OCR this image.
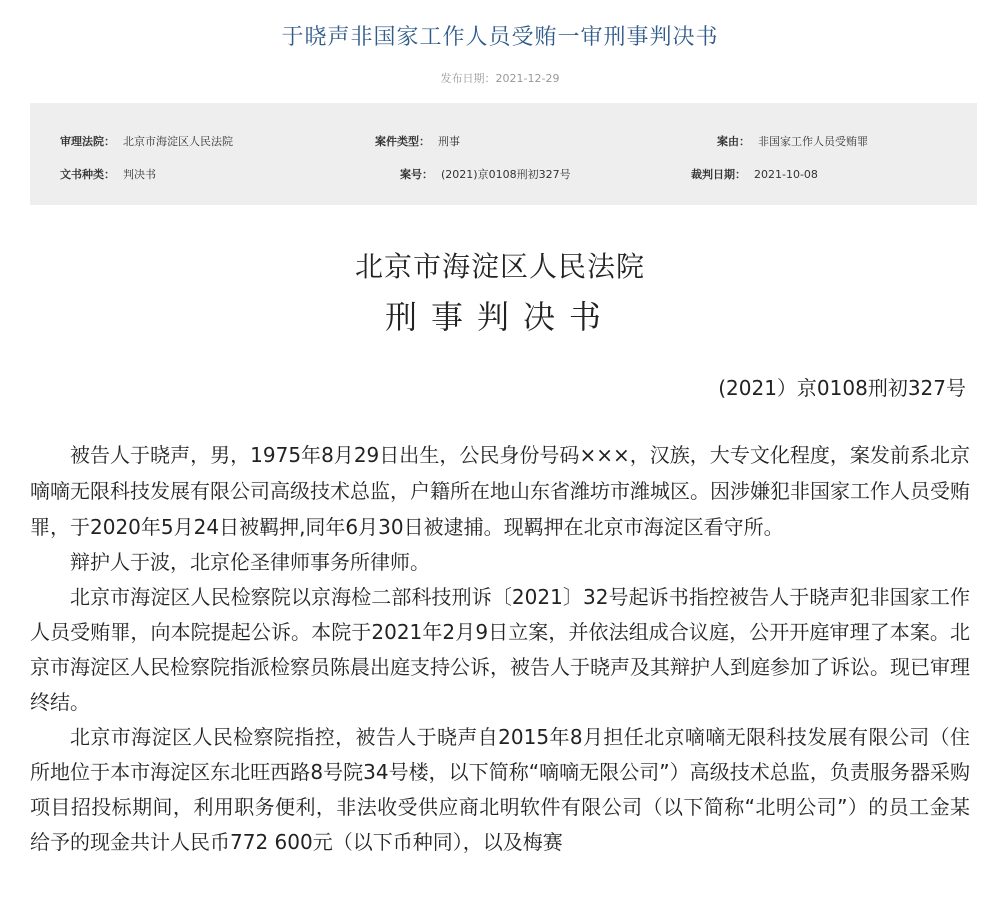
于晓声非国家工作人员受贿一审刑事判决书
发布日期：2021-12-29
审理法院： 北京市海淀区人民法院	案件类型： 刑事	案由： 非国家工作人员受贿罪
文书种类： 判决书	案号： (2021)京0108刑初327号	裁判日期： 2021-10-08
北京市海淀区人民法院
刑事判决书
(2021）京0108刑初327号

被告人于晓声，男，1975年8月29日出生，公民身份号码×××，汉族，大专文化程度，案发前系北京嘀嘀无限科技发展有限公司高级技术总监，户籍所在地山东省潍坊市潍城区。因涉嫌犯非国家工作人员受贿罪，于2020年5月24日被羁押,同年6月30日被逮捕。现羁押在北京市海淀区看守所。

辩护人于波，北京伦圣律师事务所律师。

北京市海淀区人民检察院以京海检二部科技刑诉〔2021〕32号起诉书指控被告人于晓声犯非国家工作人员受贿罪，向本院提起公诉。本院于2021年2月9日立案，并依法组成合议庭，公开开庭审理了本案。北京市海淀区人民检察院指派检察员陈晨出庭支持公诉，被告人于晓声及其辩护人到庭参加了诉讼。现已审理终结。

北京市海淀区人民检察院指控，被告人于晓声自2015年8月担任北京嘀嘀无限科技发展有限公司（住所地位于本市海淀区东北旺西路8号院34号楼，以下简称“嘀嘀无限公司”）高级技术总监，负责服务器采购项目招投标期间，利用职务便利，非法收受供应商北明软件有限公司（以下简称“北明公司”）的员工金某给予的现金共计人民币772 600元（以下币种同），以及梅赛
